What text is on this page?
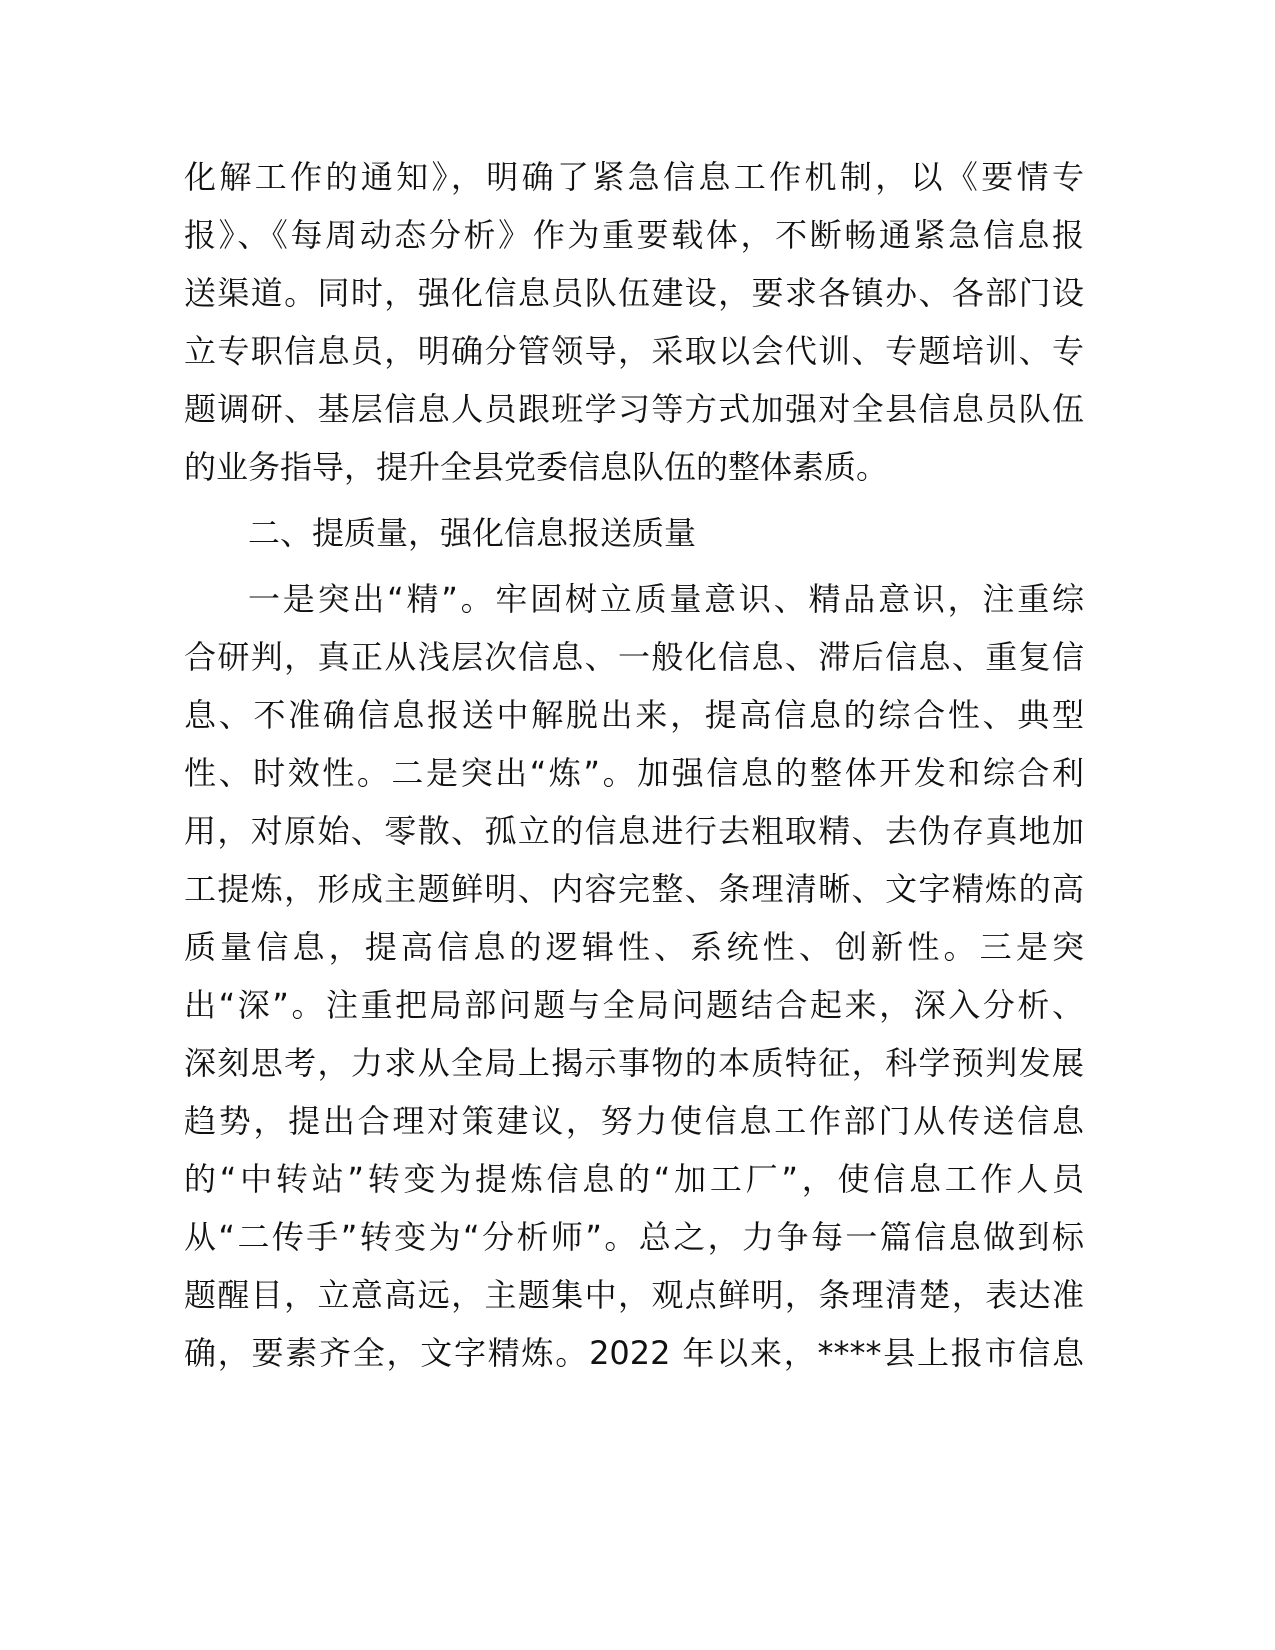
化解工作的通知》，明确了紧急信息工作机制，以《要情专
报》、《每周动态分析》作为重要载体，不断畅通紧急信息报
送渠道。同时，强化信息员队伍建设，要求各镇办、各部门设
立专职信息员，明确分管领导，采取以会代训、专题培训、专
题调研、基层信息人员跟班学习等方式加强对全县信息员队伍
的业务指导，提升全县党委信息队伍的整体素质。
二、提质量，强化信息报送质量
一是突出“精”。牢固树立质量意识、精品意识，注重综
合研判，真正从浅层次信息、一般化信息、滞后信息、重复信
息、不准确信息报送中解脱出来，提高信息的综合性、典型
性、时效性。二是突出“炼”。加强信息的整体开发和综合利
用，对原始、零散、孤立的信息进行去粗取精、去伪存真地加
工提炼，形成主题鲜明、内容完整、条理清晰、文字精炼的高
质量信息，提高信息的逻辑性、系统性、创新性。三是突
出“深”。注重把局部问题与全局问题结合起来，深入分析、
深刻思考，力求从全局上揭示事物的本质特征，科学预判发展
趋势，提出合理对策建议，努力使信息工作部门从传送信息
的“中转站”转变为提炼信息的“加工厂”，使信息工作人员
从“二传手”转变为“分析师”。总之，力争每一篇信息做到标
题醒目，立意高远，主题集中，观点鲜明，条理清楚，表达准
确，要素齐全，文字精炼。2022 年以来，****县上报市信息
